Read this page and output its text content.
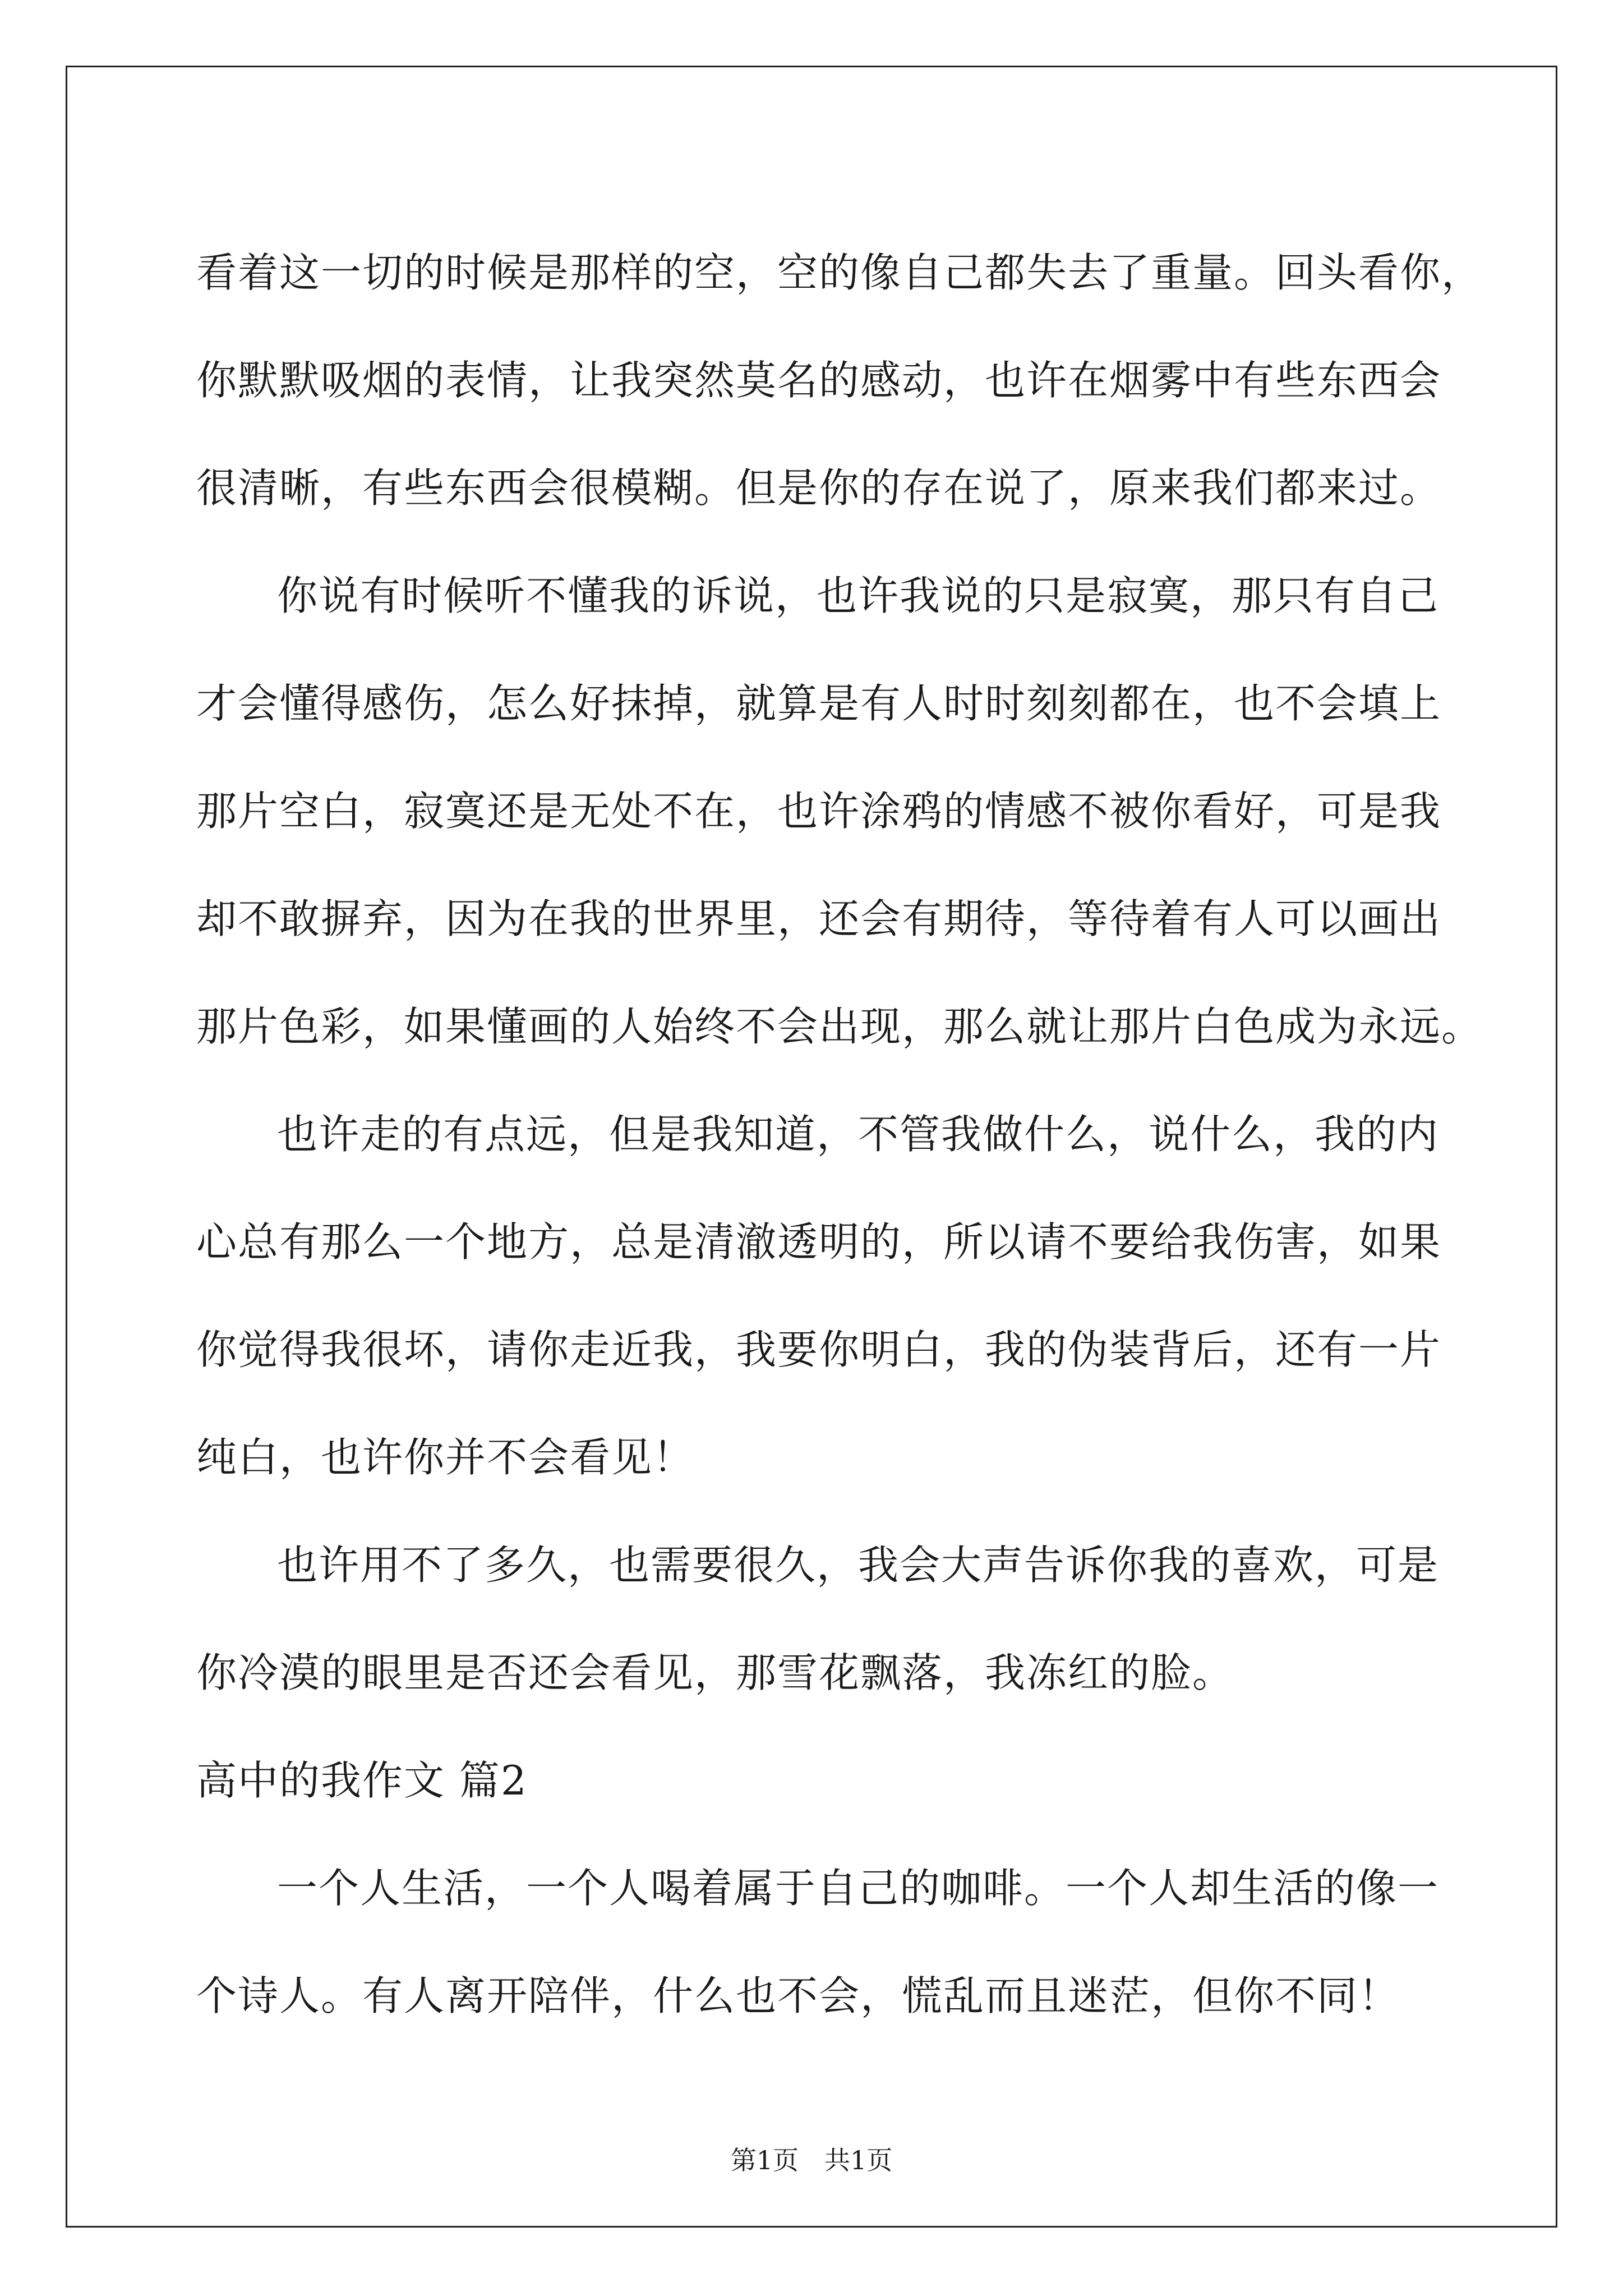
看着这一切的时候是那样的空，空的像自己都失去了重量。回头看你，
你默默吸烟的表情，让我突然莫名的感动，也许在烟雾中有些东西会
很清晰，有些东西会很模糊。但是你的存在说了，原来我们都来过。
你说有时候听不懂我的诉说，也许我说的只是寂寞，那只有自己
才会懂得感伤，怎么好抹掉，就算是有人时时刻刻都在，也不会填上
那片空白，寂寞还是无处不在，也许涂鸦的情感不被你看好，可是我
却不敢摒弃，因为在我的世界里，还会有期待，等待着有人可以画出
那片色彩，如果懂画的人始终不会出现，那么就让那片白色成为永远。
也许走的有点远，但是我知道，不管我做什么，说什么，我的内
心总有那么一个地方，总是清澈透明的，所以请不要给我伤害，如果
你觉得我很坏，请你走近我，我要你明白，我的伪装背后，还有一片
纯白，也许你并不会看见！
也许用不了多久，也需要很久，我会大声告诉你我的喜欢，可是
你冷漠的眼里是否还会看见，那雪花飘落，我冻红的脸。
高中的我作文 篇2
一个人生活，一个人喝着属于自己的咖啡。一个人却生活的像一
个诗人。有人离开陪伴，什么也不会，慌乱而且迷茫，但你不同！
第1页　共1页
